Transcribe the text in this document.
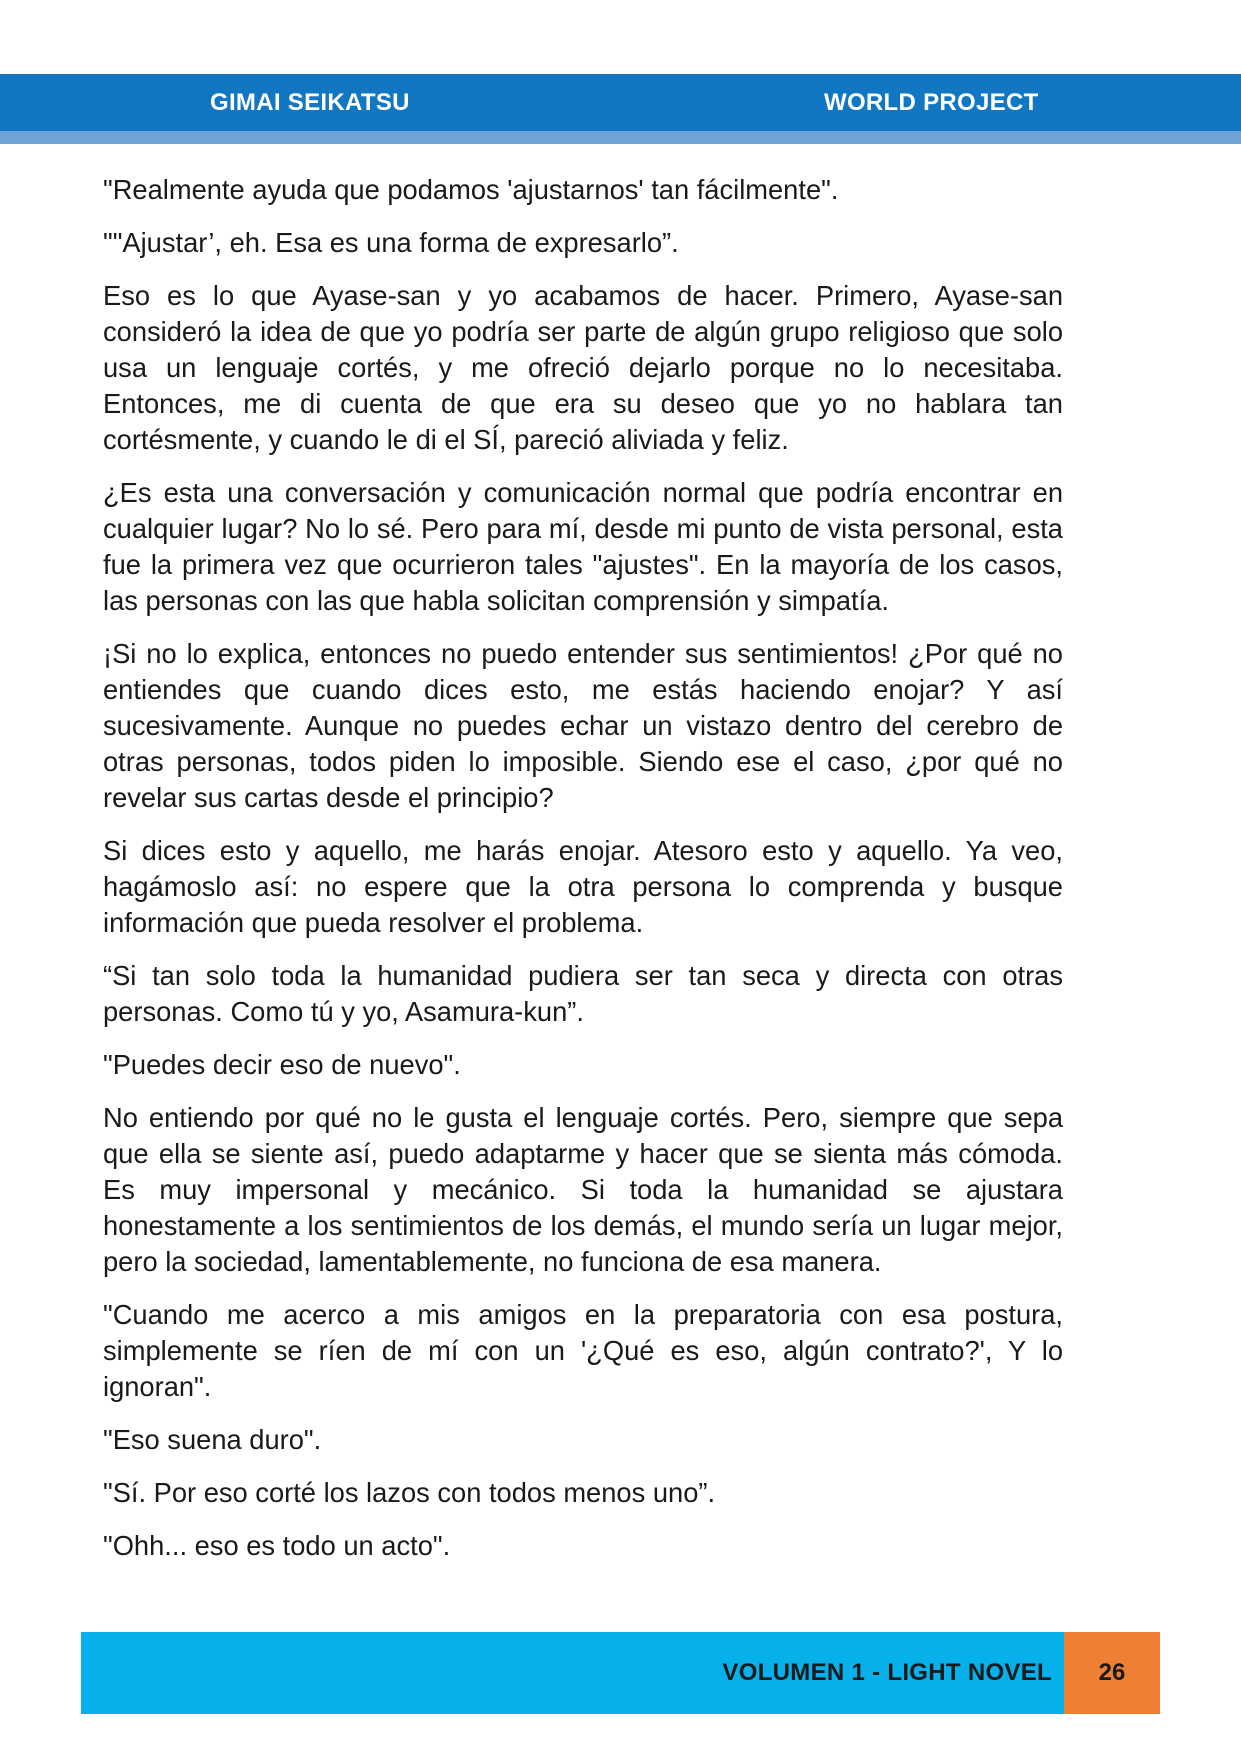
GIMAI SEIKATSU	WORLD PROJECT

"Realmente ayuda que podamos 'ajustarnos' tan fácilmente".

""Ajustar’, eh. Esa es una forma de expresarlo”.

Eso es lo que Ayase-san y yo acabamos de hacer. Primero, Ayase-san consideró la idea de que yo podría ser parte de algún grupo religioso que solo usa un lenguaje cortés, y me ofreció dejarlo porque no lo necesitaba. Entonces, me di cuenta de que era su deseo que yo no hablara tan cortésmente, y cuando le di el SÍ, pareció aliviada y feliz.

¿Es esta una conversación y comunicación normal que podría encontrar en cualquier lugar? No lo sé. Pero para mí, desde mi punto de vista personal, esta fue la primera vez que ocurrieron tales "ajustes". En la mayoría de los casos, las personas con las que habla solicitan comprensión y simpatía.

¡Si no lo explica, entonces no puedo entender sus sentimientos! ¿Por qué no entiendes que cuando dices esto, me estás haciendo enojar? Y así sucesivamente. Aunque no puedes echar un vistazo dentro del cerebro de otras personas, todos piden lo imposible. Siendo ese el caso, ¿por qué no revelar sus cartas desde el principio?

Si dices esto y aquello, me harás enojar. Atesoro esto y aquello. Ya veo, hagámoslo así: no espere que la otra persona lo comprenda y busque información que pueda resolver el problema.

“Si tan solo toda la humanidad pudiera ser tan seca y directa con otras personas. Como tú y yo, Asamura-kun”.

"Puedes decir eso de nuevo".

No entiendo por qué no le gusta el lenguaje cortés. Pero, siempre que sepa que ella se siente así, puedo adaptarme y hacer que se sienta más cómoda. Es muy impersonal y mecánico. Si toda la humanidad se ajustara honestamente a los sentimientos de los demás, el mundo sería un lugar mejor, pero la sociedad, lamentablemente, no funciona de esa manera.

"Cuando me acerco a mis amigos en la preparatoria con esa postura, simplemente se ríen de mí con un '¿Qué es eso, algún contrato?', Y lo ignoran".

"Eso suena duro".

"Sí. Por eso corté los lazos con todos menos uno”.

"Ohh... eso es todo un acto".

VOLUMEN 1 - LIGHT NOVEL 26
